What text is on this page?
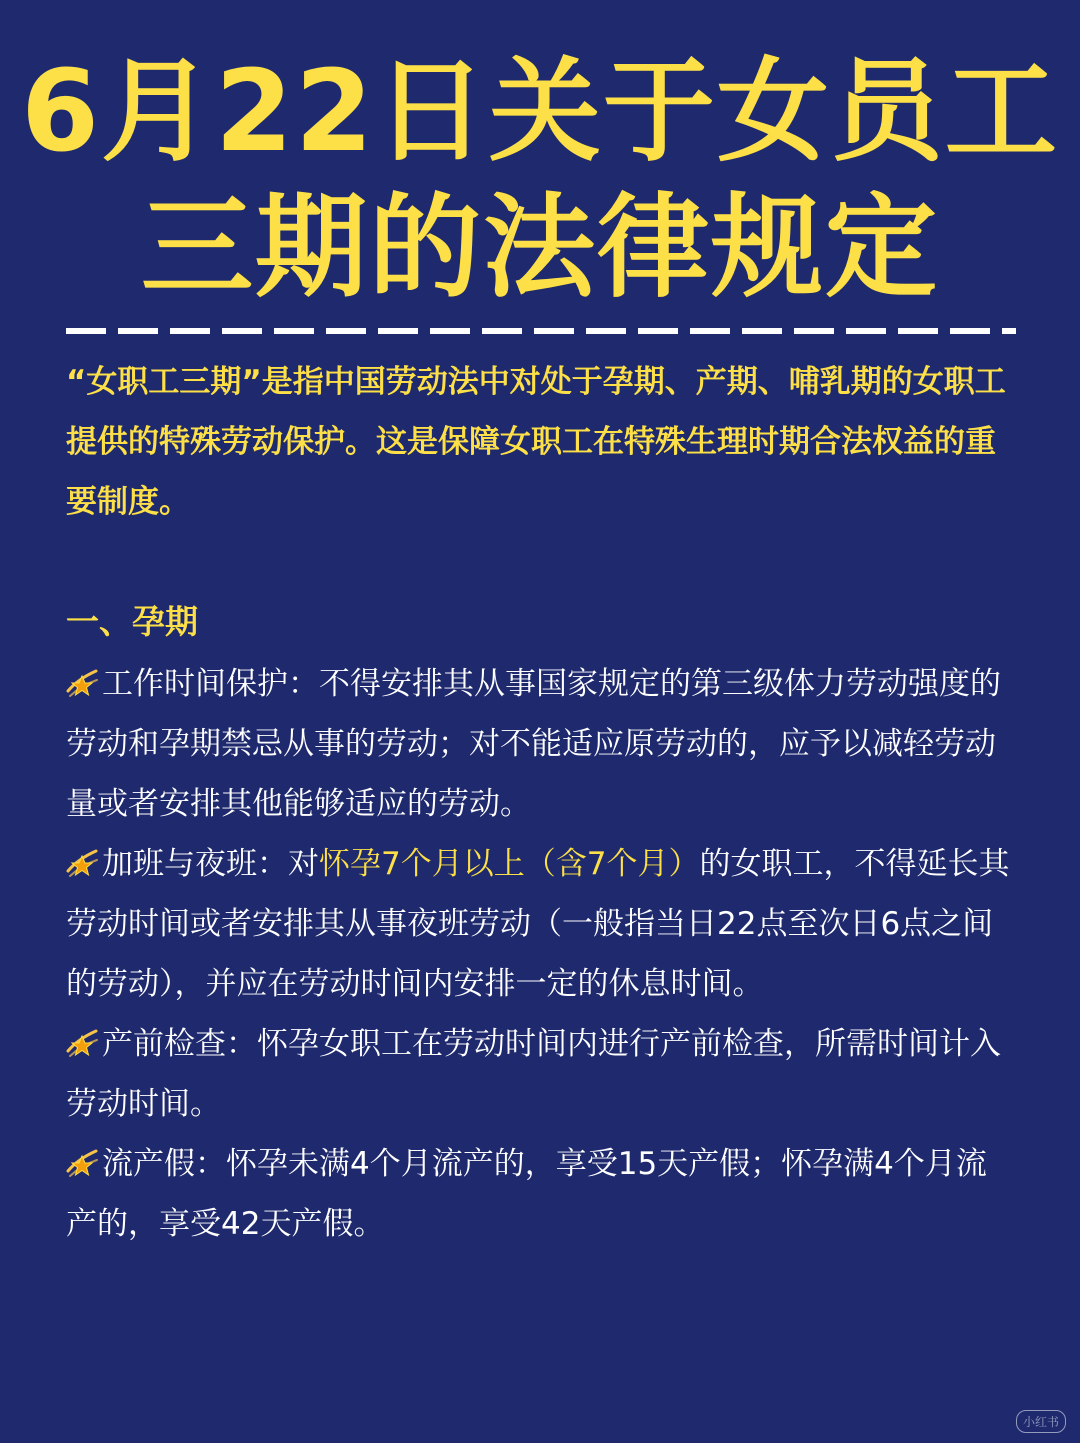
6月22日关于女员工
三期的法律规定

“女职工三期”是指中国劳动法中对处于孕期、产期、哺乳期的女职工提供的特殊劳动保护。这是保障女职工在特殊生理时期合法权益的重要制度。

一、孕期

工作时间保护：不得安排其从事国家规定的第三级体力劳动强度的劳动和孕期禁忌从事的劳动；对不能适应原劳动的，应予以减轻劳动量或者安排其他能够适应的劳动。

加班与夜班：对怀孕7个月以上（含7个月）的女职工，不得延长其劳动时间或者安排其从事夜班劳动（一般指当日22点至次日6点之间的劳动），并应在劳动时间内安排一定的休息时间。

产前检查：怀孕女职工在劳动时间内进行产前检查，所需时间计入劳动时间。

流产假：怀孕未满4个月流产的，享受15天产假；怀孕满4个月流产的，享受42天产假。

小红书
